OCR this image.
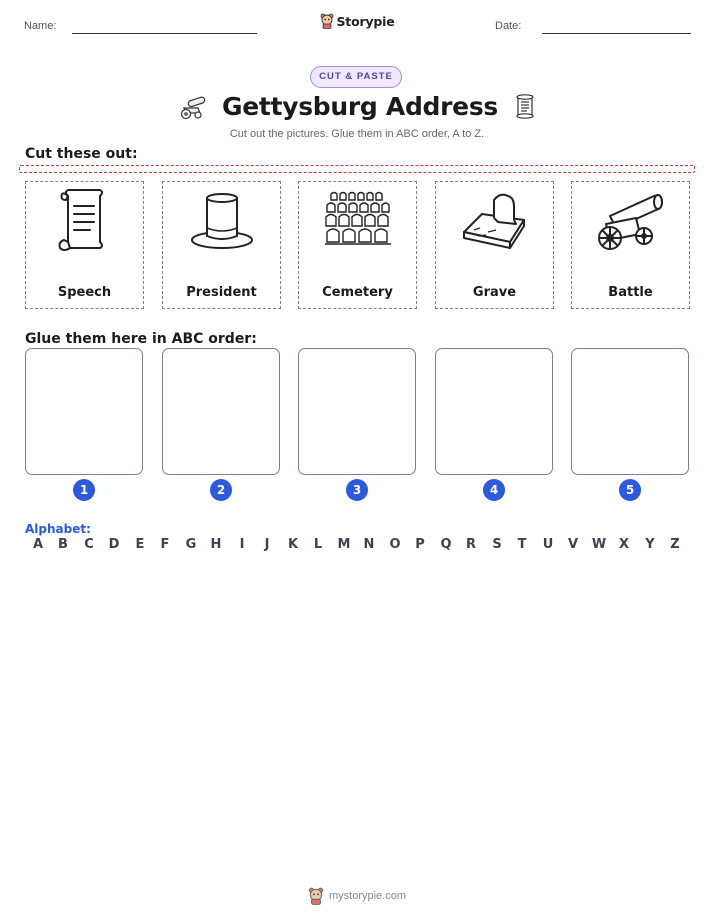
Name:	Storypie	Date:
CUT & PASTE
Gettysburg Address
Cut out the pictures. Glue them in ABC order, A to Z.
Cut these out:
Speech	President	Cemetery	Grave	Battle
Glue them here in ABC order:
1	2	3	4	5
Alphabet:
A B C D E F G H	I	J	K L M N O P Q R S T U V W X Y Z
mystorypie.com
